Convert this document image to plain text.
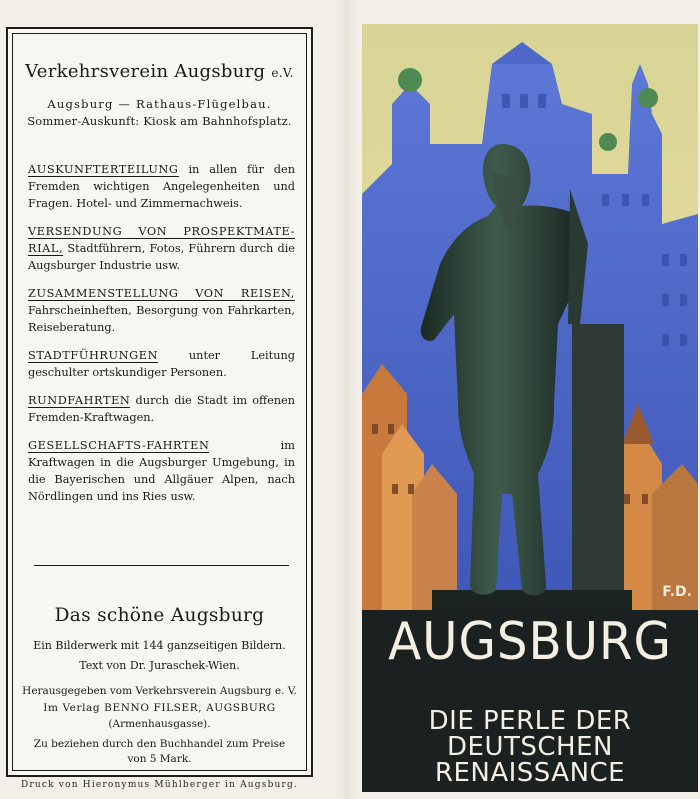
Verkehrsverein Augsburg e.V.
Augsburg — Rathaus-Flügelbau.
Sommer-Auskunft: Kiosk am Bahnhofsplatz.
AUSKUNFTERTEILUNG in allen für den Fremden wichtigen Angelegenheiten und Fragen. Hotel- und Zimmernachweis.
VERSENDUNG VON PROSPEKTMATE-RIAL, Stadtführern, Fotos, Führern durch die Augsburger Industrie usw.
ZUSAMMENSTELLUNG VON REISEN, Fahrscheinheften, Besorgung von Fahrkarten, Reiseberatung.
STADTFÜHRUNGEN unter Leitung geschulter ortskundiger Personen.
RUNDFAHRTEN durch die Stadt im offenen Fremden-Kraftwagen.
GESELLSCHAFTS-FAHRTEN im Kraftwagen in die Augsburger Umgebung, in die Bayerischen und Allgäuer Alpen, nach Nördlingen und ins Ries usw.
Das schöne Augsburg
Ein Bilderwerk mit 144 ganzseitigen Bildern.
Text von Dr. Juraschek-Wien.
Herausgegeben vom Verkehrsverein Augsburg e. V.
Im Verlag BENNO FILSER, AUGSBURG
(Armenhausgasse).
Zu beziehen durch den Buchhandel zum Preise
von 5 Mark.
Druck von Hieronymus Mühlberger in Augsburg.
F.D.
AUGSBURG
DIE PERLE DER
DEUTSCHEN
RENAISSANCE
